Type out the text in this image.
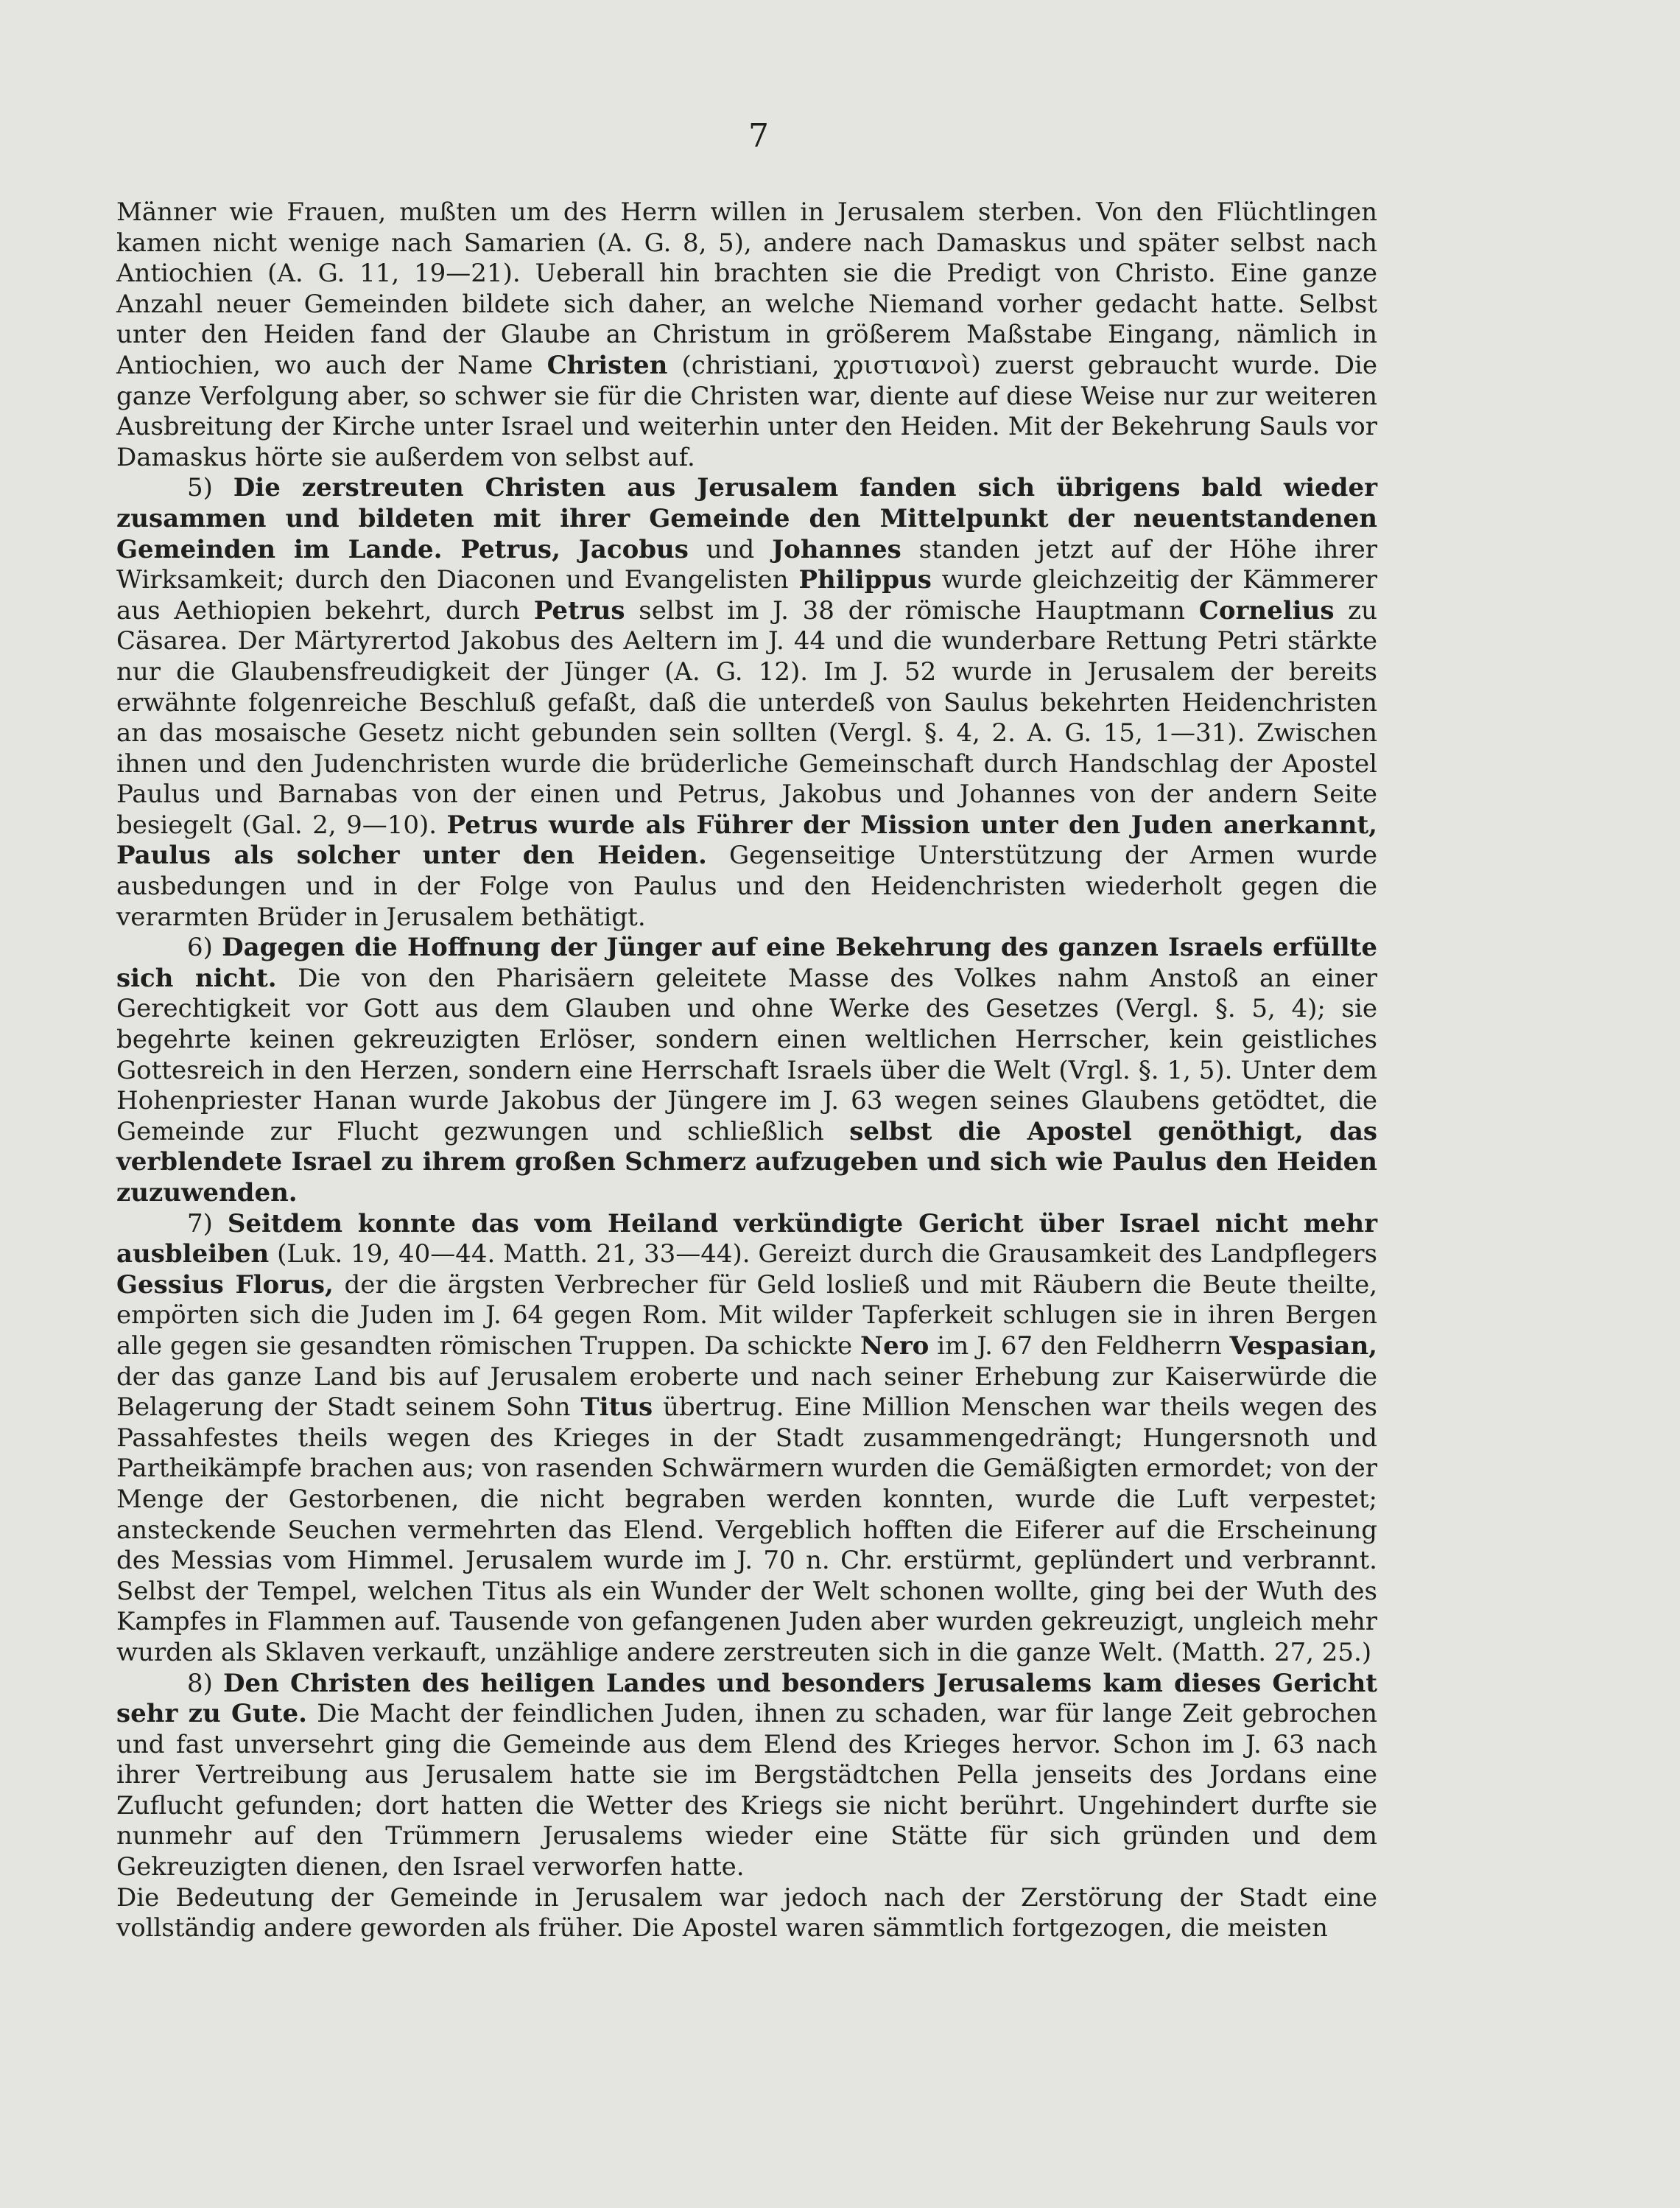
7

Männer wie Frauen, mußten um des Herrn willen in Jerusalem sterben. Von den Flüchtlingen kamen nicht wenige nach Samarien (A. G. 8, 5), andere nach Damaskus und später selbst nach Antiochien (A. G. 11, 19—21). Ueberall hin brachten sie die Predigt von Christo. Eine ganze Anzahl neuer Gemeinden bildete sich daher, an welche Niemand vorher gedacht hatte. Selbst unter den Heiden fand der Glaube an Christum in größerem Maßstabe Eingang, nämlich in Antiochien, wo auch der Name Christen (christiani, χριστιανοὶ) zuerst gebraucht wurde. Die ganze Verfolgung aber, so schwer sie für die Christen war, diente auf diese Weise nur zur weiteren Ausbreitung der Kirche unter Israel und weiterhin unter den Heiden. Mit der Bekehrung Sauls vor Damaskus hörte sie außerdem von selbst auf.

5) Die zerstreuten Christen aus Jerusalem fanden sich übrigens bald wieder zusammen und bildeten mit ihrer Gemeinde den Mittelpunkt der neuentstandenen Gemeinden im Lande. Petrus, Jacobus und Johannes standen jetzt auf der Höhe ihrer Wirksamkeit; durch den Diaconen und Evangelisten Philippus wurde gleichzeitig der Kämmerer aus Aethiopien bekehrt, durch Petrus selbst im J. 38 der römische Hauptmann Cornelius zu Cäsarea. Der Märtyrertod Jakobus des Aeltern im J. 44 und die wunderbare Rettung Petri stärkte nur die Glaubensfreudigkeit der Jünger (A. G. 12). Im J. 52 wurde in Jerusalem der bereits erwähnte folgenreiche Beschluß gefaßt, daß die unterdeß von Saulus bekehrten Heidenchristen an das mosaische Gesetz nicht gebunden sein sollten (Vergl. §. 4, 2. A. G. 15, 1—31). Zwischen ihnen und den Judenchristen wurde die brüderliche Gemeinschaft durch Handschlag der Apostel Paulus und Barnabas von der einen und Petrus, Jakobus und Johannes von der andern Seite besiegelt (Gal. 2, 9—10). Petrus wurde als Führer der Mission unter den Juden anerkannt, Paulus als solcher unter den Heiden. Gegenseitige Unterstützung der Armen wurde ausbedungen und in der Folge von Paulus und den Heidenchristen wiederholt gegen die verarmten Brüder in Jerusalem bethätigt.

6) Dagegen die Hoffnung der Jünger auf eine Bekehrung des ganzen Israels erfüllte sich nicht. Die von den Pharisäern geleitete Masse des Volkes nahm Anstoß an einer Gerechtigkeit vor Gott aus dem Glauben und ohne Werke des Gesetzes (Vergl. §. 5, 4); sie begehrte keinen gekreuzigten Erlöser, sondern einen weltlichen Herrscher, kein geistliches Gottesreich in den Herzen, sondern eine Herrschaft Israels über die Welt (Vrgl. §. 1, 5). Unter dem Hohenpriester Hanan wurde Jakobus der Jüngere im J. 63 wegen seines Glaubens getödtet, die Gemeinde zur Flucht gezwungen und schließlich selbst die Apostel genöthigt, das verblendete Israel zu ihrem großen Schmerz aufzugeben und sich wie Paulus den Heiden zuzuwenden.

7) Seitdem konnte das vom Heiland verkündigte Gericht über Israel nicht mehr ausbleiben (Luk. 19, 40—44. Matth. 21, 33—44). Gereizt durch die Grausamkeit des Landpflegers Gessius Florus, der die ärgsten Verbrecher für Geld losließ und mit Räubern die Beute theilte, empörten sich die Juden im J. 64 gegen Rom. Mit wilder Tapferkeit schlugen sie in ihren Bergen alle gegen sie gesandten römischen Truppen. Da schickte Nero im J. 67 den Feldherrn Vespasian, der das ganze Land bis auf Jerusalem eroberte und nach seiner Erhebung zur Kaiserwürde die Belagerung der Stadt seinem Sohn Titus übertrug. Eine Million Menschen war theils wegen des Passahfestes theils wegen des Krieges in der Stadt zusammengedrängt; Hungersnoth und Partheikämpfe brachen aus; von rasenden Schwärmern wurden die Gemäßigten ermordet; von der Menge der Gestorbenen, die nicht begraben werden konnten, wurde die Luft verpestet; ansteckende Seuchen vermehrten das Elend. Vergeblich hofften die Eiferer auf die Erscheinung des Messias vom Himmel. Jerusalem wurde im J. 70 n. Chr. erstürmt, geplündert und verbrannt. Selbst der Tempel, welchen Titus als ein Wunder der Welt schonen wollte, ging bei der Wuth des Kampfes in Flammen auf. Tausende von gefangenen Juden aber wurden gekreuzigt, ungleich mehr wurden als Sklaven verkauft, unzählige andere zerstreuten sich in die ganze Welt. (Matth. 27, 25.)

8) Den Christen des heiligen Landes und besonders Jerusalems kam dieses Gericht sehr zu Gute. Die Macht der feindlichen Juden, ihnen zu schaden, war für lange Zeit gebrochen und fast unversehrt ging die Gemeinde aus dem Elend des Krieges hervor. Schon im J. 63 nach ihrer Vertreibung aus Jerusalem hatte sie im Bergstädtchen Pella jenseits des Jordans eine Zuflucht gefunden; dort hatten die Wetter des Kriegs sie nicht berührt. Ungehindert durfte sie nunmehr auf den Trümmern Jerusalems wieder eine Stätte für sich gründen und dem Gekreuzigten dienen, den Israel verworfen hatte.

Die Bedeutung der Gemeinde in Jerusalem war jedoch nach der Zerstörung der Stadt eine vollständig andere geworden als früher. Die Apostel waren sämmtlich fortgezogen, die meisten
